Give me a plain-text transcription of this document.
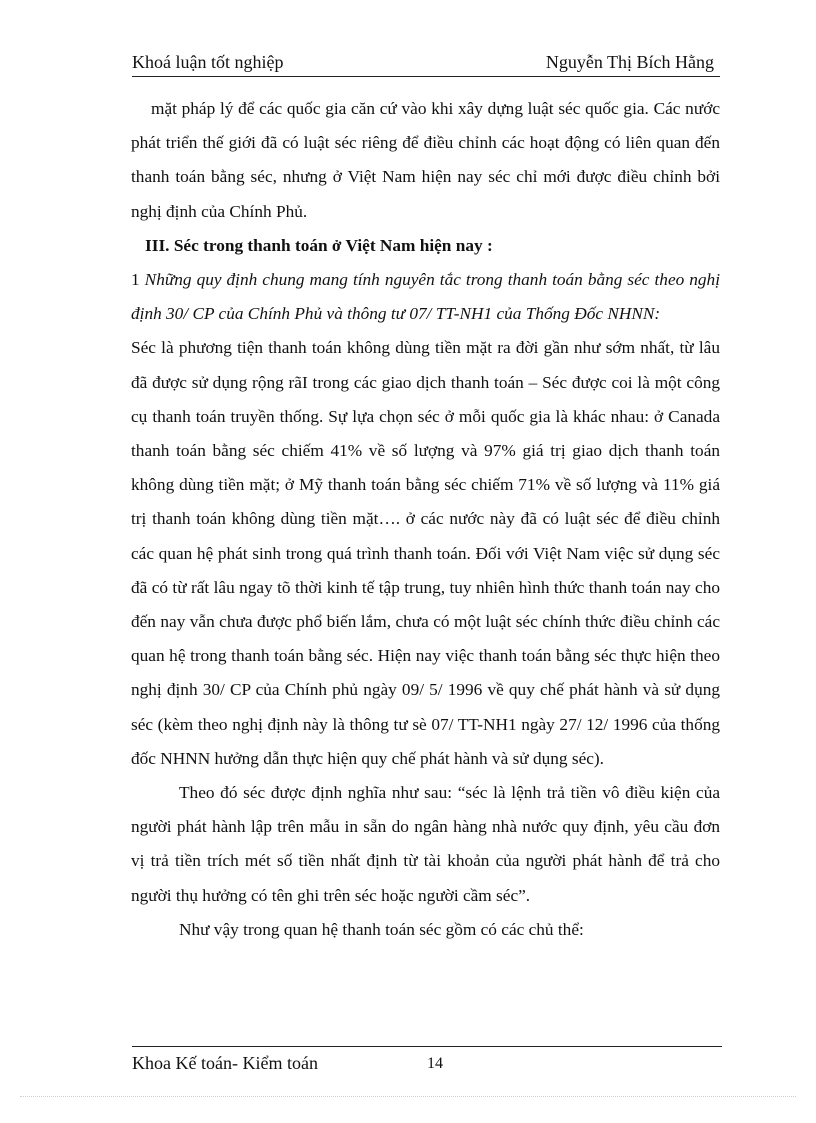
Khoá luận tốt nghiệp	Nguyễn Thị Bích Hằng

mặt pháp lý để các quốc gia căn cứ vào khi xây dựng luật séc quốc gia. Các nước phát triển thế giới đã có luật séc riêng để điều chỉnh các hoạt động có liên quan đến thanh toán bằng séc, nhưng ở Việt Nam hiện nay séc chỉ mới được điều chỉnh bởi nghị định của Chính Phủ.

III. Séc trong thanh toán ở Việt Nam hiện nay :

1 Những quy định chung mang tính nguyên tắc trong thanh toán bằng séc theo nghị định 30/ CP của Chính Phủ và thông tư 07/ TT-NH1 của Thống Đốc NHNN:

Séc là phương tiện thanh toán không dùng tiền mặt ra đời gần như sớm nhất, từ lâu đã được sử dụng rộng rãI trong các giao dịch thanh toán – Séc được coi là một công cụ thanh toán truyền thống. Sự lựa chọn séc ở mỗi quốc gia là khác nhau: ở Canada thanh toán bằng séc chiếm 41% về số lượng và 97% giá trị giao dịch thanh toán không dùng tiền mặt; ở Mỹ thanh toán bằng séc chiếm 71% về số lượng và 11% giá trị thanh toán không dùng tiền mặt…. ở các nước này đã có luật séc để điều chỉnh các quan hệ phát sinh trong quá trình thanh toán. Đối với Việt Nam việc sử dụng séc đã có từ rất lâu ngay tõ thời kinh tế tập trung, tuy nhiên hình thức thanh toán nay cho đến nay vẫn chưa được phổ biến lắm, chưa có một luật séc chính thức điều chỉnh các quan hệ trong thanh toán bằng séc. Hiện nay việc thanh toán bằng séc thực hiện theo nghị định 30/ CP của Chính phủ ngày 09/ 5/ 1996 về quy chế phát hành và sử dụng séc (kèm theo nghị định này là thông tư sè 07/ TT-NH1 ngày 27/ 12/ 1996 của thống đốc NHNN hưởng dẫn thực hiện quy chế phát hành và sử dụng séc).

Theo đó séc được định nghĩa như sau: “séc là lệnh trả tiền vô điều kiện của người phát hành lập trên mẫu in sẵn do ngân hàng nhà nước quy định, yêu cầu đơn vị trả tiền trích mét số tiền nhất định từ tài khoản của người phát hành để trả cho người thụ hưởng có tên ghi trên séc hoặc người cầm séc”.

Như vậy trong quan hệ thanh toán séc gồm có các chủ thể:

Khoa Kế toán- Kiểm toán	14
